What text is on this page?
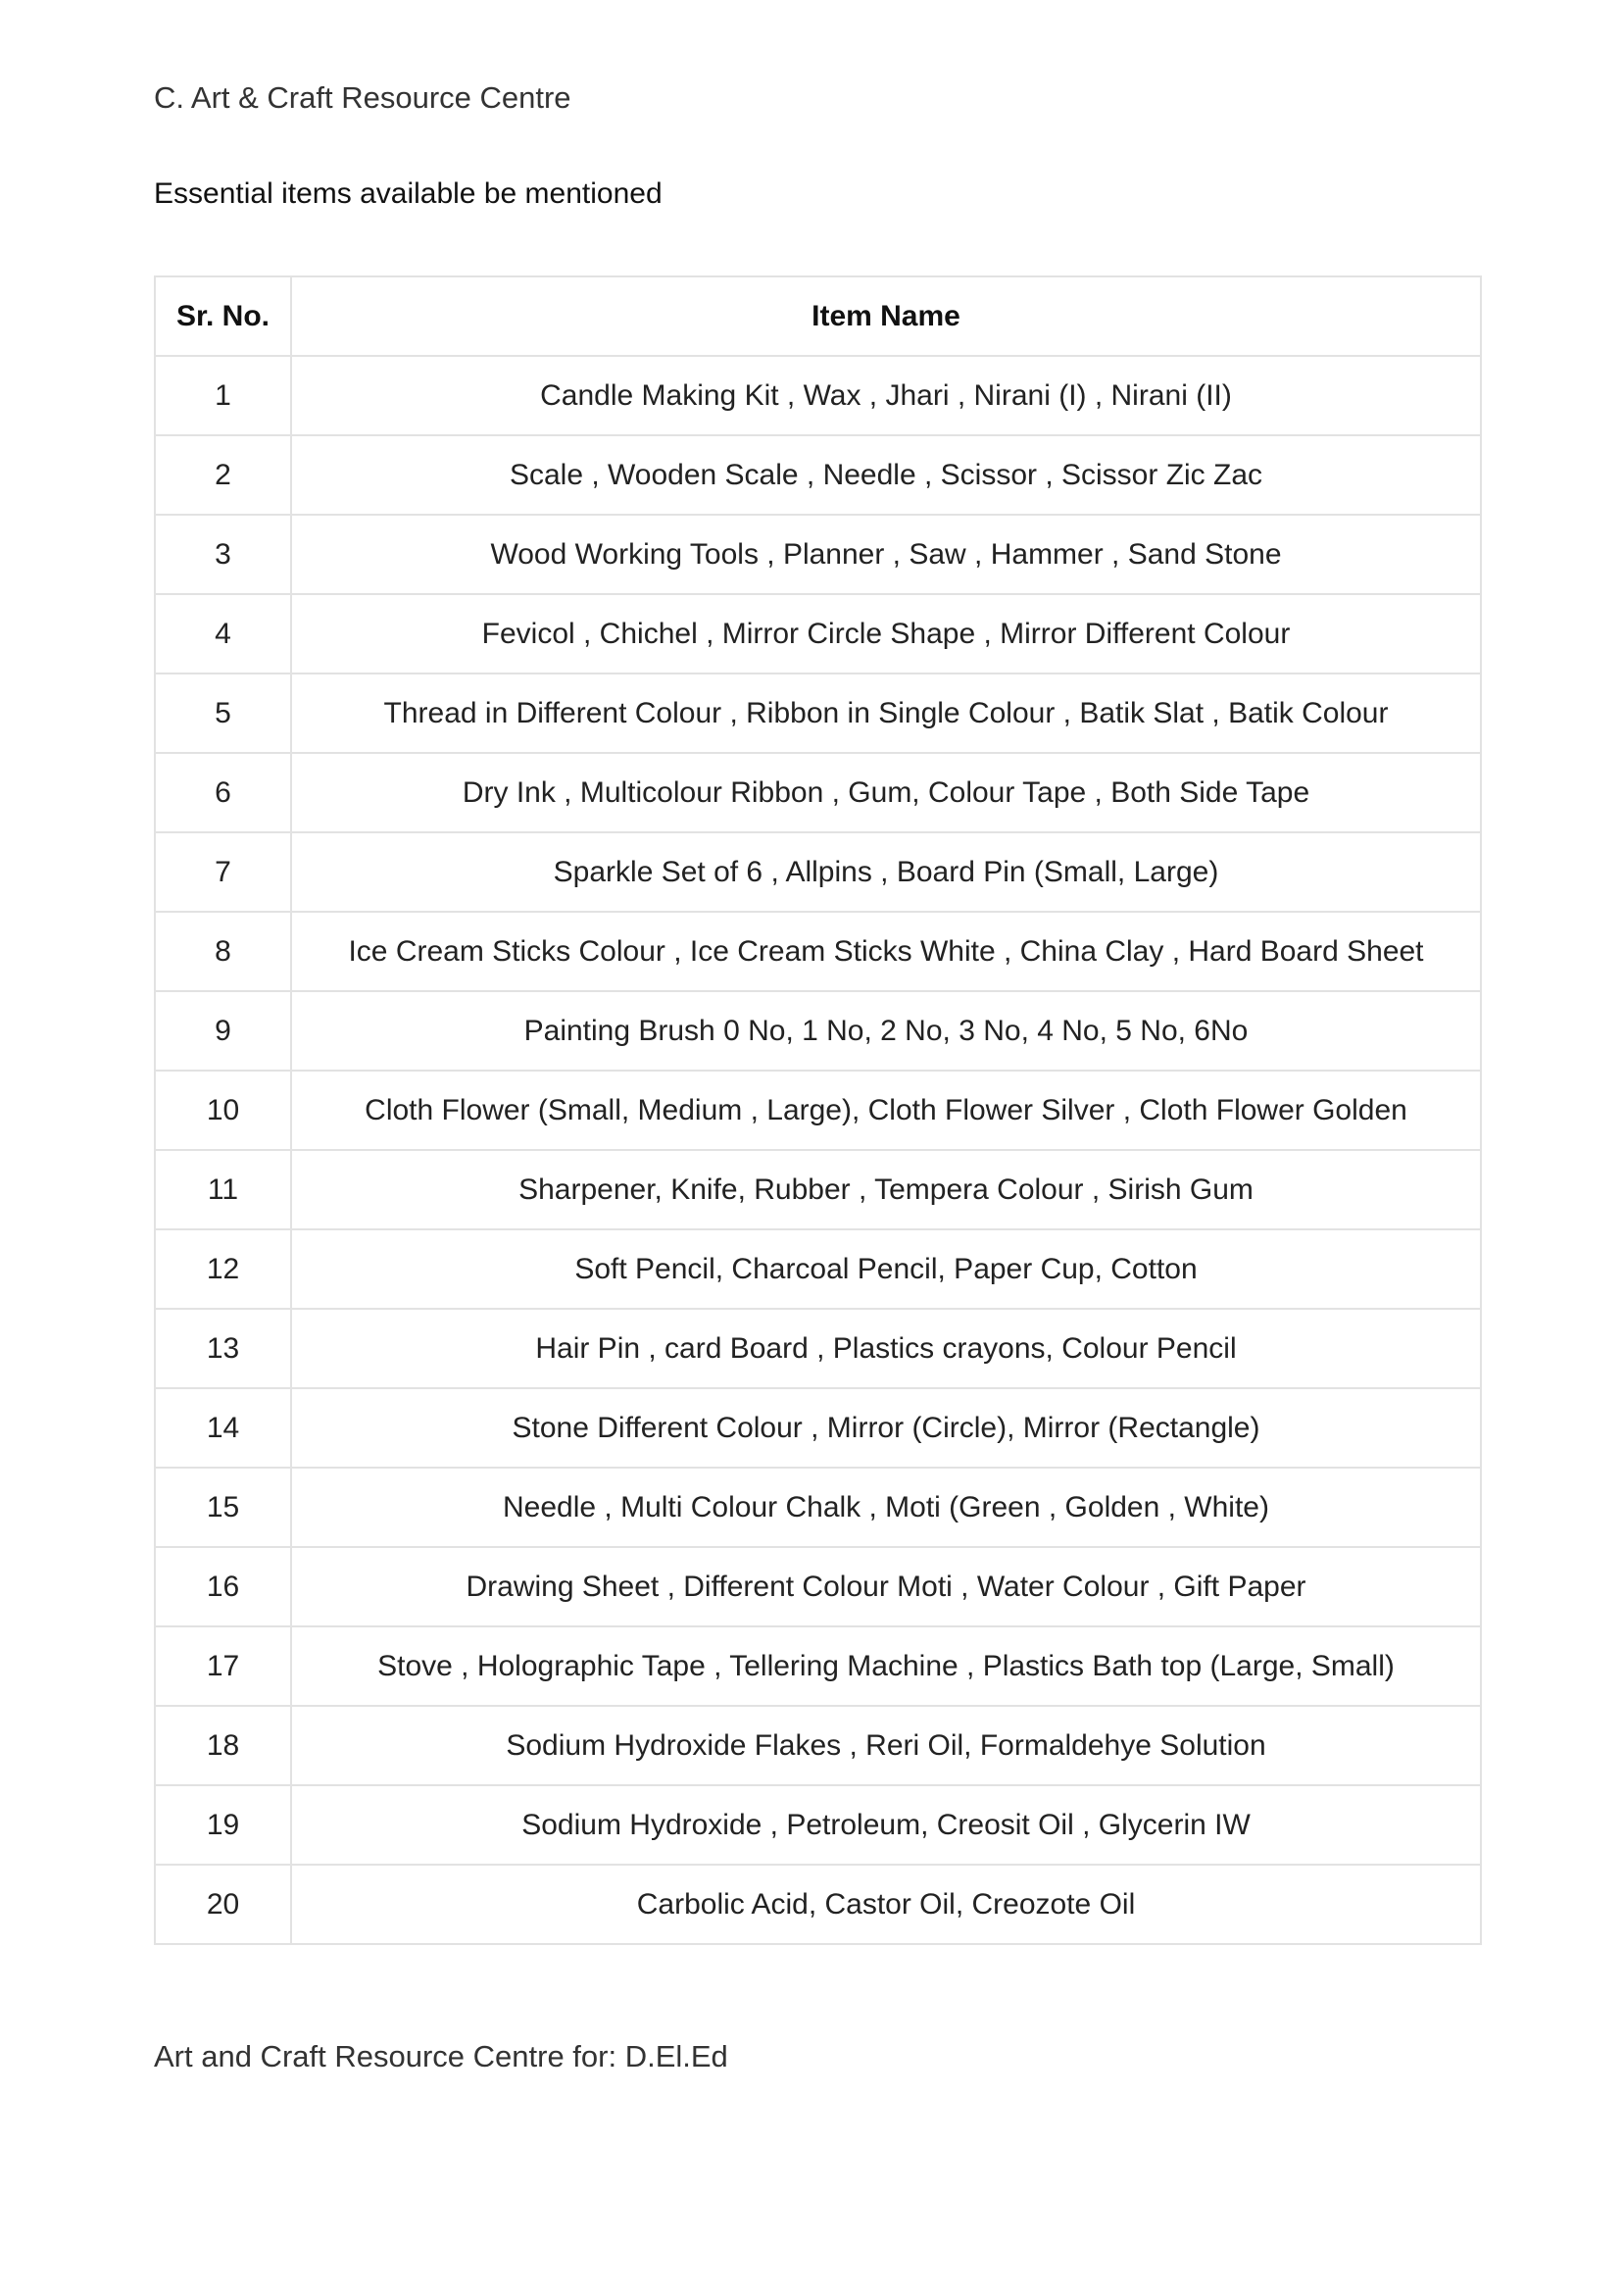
C. Art & Craft Resource Centre
Essential items available be mentioned
Sr. No.	Item Name
1	Candle Making Kit , Wax , Jhari , Nirani (I) , Nirani (II)
2	Scale , Wooden Scale , Needle , Scissor , Scissor Zic Zac
3	Wood Working Tools , Planner , Saw , Hammer , Sand Stone
4	Fevicol , Chichel , Mirror Circle Shape , Mirror Different Colour
5	Thread in Different Colour , Ribbon in Single Colour , Batik Slat , Batik Colour
6	Dry Ink , Multicolour Ribbon , Gum, Colour Tape , Both Side Tape
7	Sparkle Set of 6 , Allpins , Board Pin (Small, Large)
8	Ice Cream Sticks Colour , Ice Cream Sticks White , China Clay , Hard Board Sheet
9	Painting Brush 0 No, 1 No, 2 No, 3 No, 4 No, 5 No, 6No
10	Cloth Flower (Small, Medium , Large), Cloth Flower Silver , Cloth Flower Golden
11	Sharpener, Knife, Rubber , Tempera Colour , Sirish Gum
12	Soft Pencil, Charcoal Pencil, Paper Cup, Cotton
13	Hair Pin , card Board , Plastics crayons, Colour Pencil
14	Stone Different Colour , Mirror (Circle), Mirror (Rectangle)
15	Needle , Multi Colour Chalk , Moti (Green , Golden , White)
16	Drawing Sheet , Different Colour Moti , Water Colour , Gift Paper
17	Stove , Holographic Tape , Tellering Machine , Plastics Bath top (Large, Small)
18	Sodium Hydroxide Flakes , Reri Oil, Formaldehye Solution
19	Sodium Hydroxide , Petroleum, Creosit Oil , Glycerin IW
20	Carbolic Acid, Castor Oil, Creozote Oil
Art and Craft Resource Centre for: D.El.Ed
